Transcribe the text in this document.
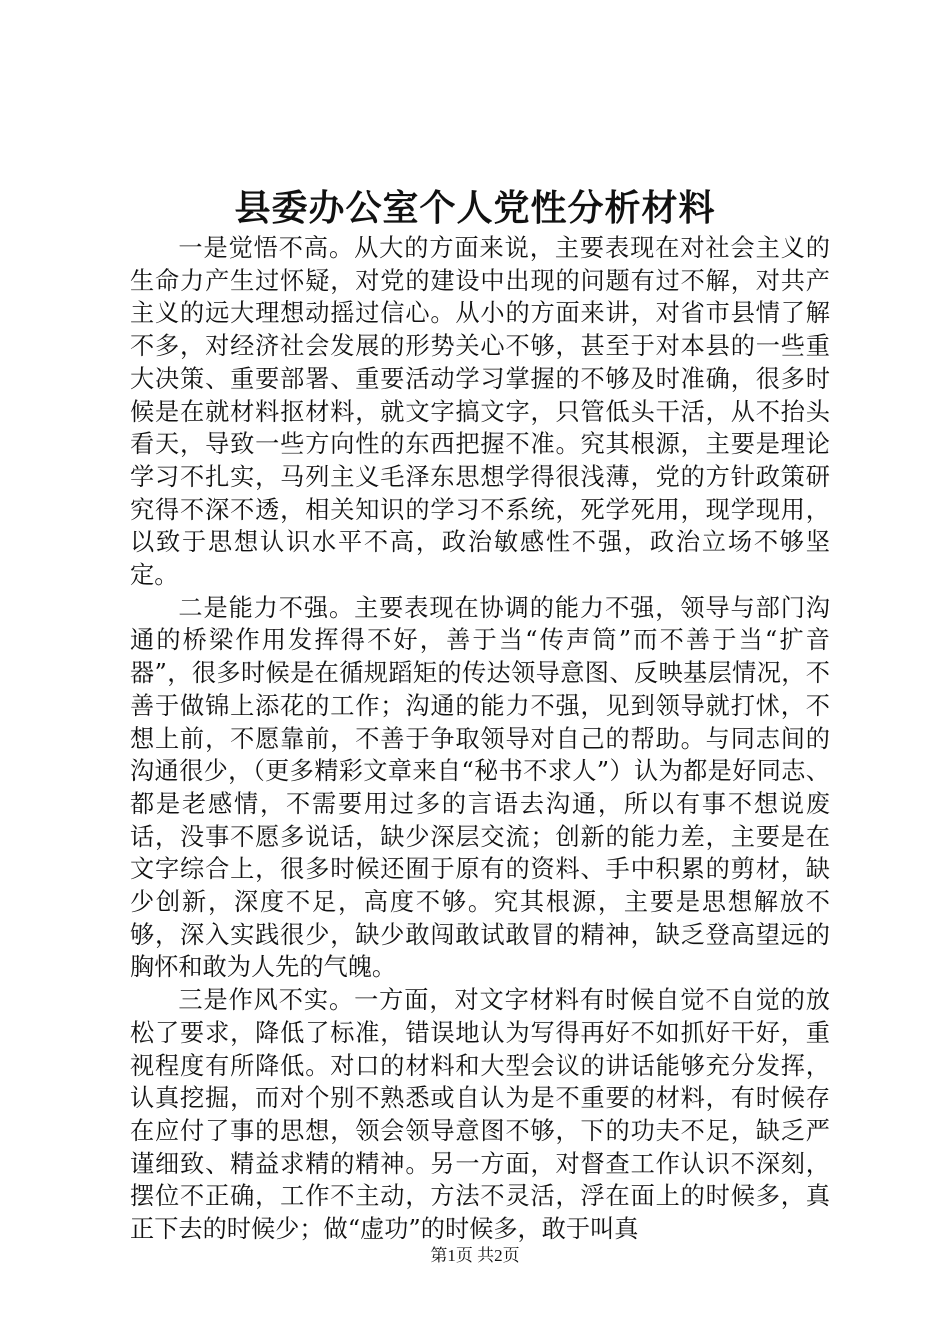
县委办公室个人党性分析材料

一是觉悟不高。从大的方面来说，主要表现在对社会主义的生命力产生过怀疑，对党的建设中出现的问题有过不解，对共产主义的远大理想动摇过信心。从小的方面来讲，对省市县情了解不多，对经济社会发展的形势关心不够，甚至于对本县的一些重大决策、重要部署、重要活动学习掌握的不够及时准确，很多时候是在就材料抠材料，就文字搞文字，只管低头干活，从不抬头看天，导致一些方向性的东西把握不准。究其根源，主要是理论学习不扎实，马列主义毛泽东思想学得很浅薄，党的方针政策研究得不深不透，相关知识的学习不系统，死学死用，现学现用，以致于思想认识水平不高，政治敏感性不强，政治立场不够坚定。

二是能力不强。主要表现在协调的能力不强，领导与部门沟通的桥梁作用发挥得不好，善于当“传声筒”而不善于当“扩音器”，很多时候是在循规蹈矩的传达领导意图、反映基层情况，不善于做锦上添花的工作；沟通的能力不强，见到领导就打怵，不想上前，不愿靠前，不善于争取领导对自己的帮助。与同志间的沟通很少，（更多精彩文章来自“秘书不求人”）认为都是好同志、都是老感情，不需要用过多的言语去沟通，所以有事不想说废话，没事不愿多说话，缺少深层交流；创新的能力差，主要是在文字综合上，很多时候还囿于原有的资料、手中积累的剪材，缺少创新，深度不足，高度不够。究其根源，主要是思想解放不够，深入实践很少，缺少敢闯敢试敢冒的精神，缺乏登高望远的胸怀和敢为人先的气魄。

三是作风不实。一方面，对文字材料有时候自觉不自觉的放松了要求，降低了标准，错误地认为写得再好不如抓好干好，重视程度有所降低。对口的材料和大型会议的讲话能够充分发挥，认真挖掘，而对个别不熟悉或自认为是不重要的材料，有时候存在应付了事的思想，领会领导意图不够，下的功夫不足，缺乏严谨细致、精益求精的精神。另一方面，对督查工作认识不深刻，摆位不正确，工作不主动，方法不灵活，浮在面上的时候多，真正下去的时候少；做“虚功”的时候多，敢于叫真

第1页 共2页
